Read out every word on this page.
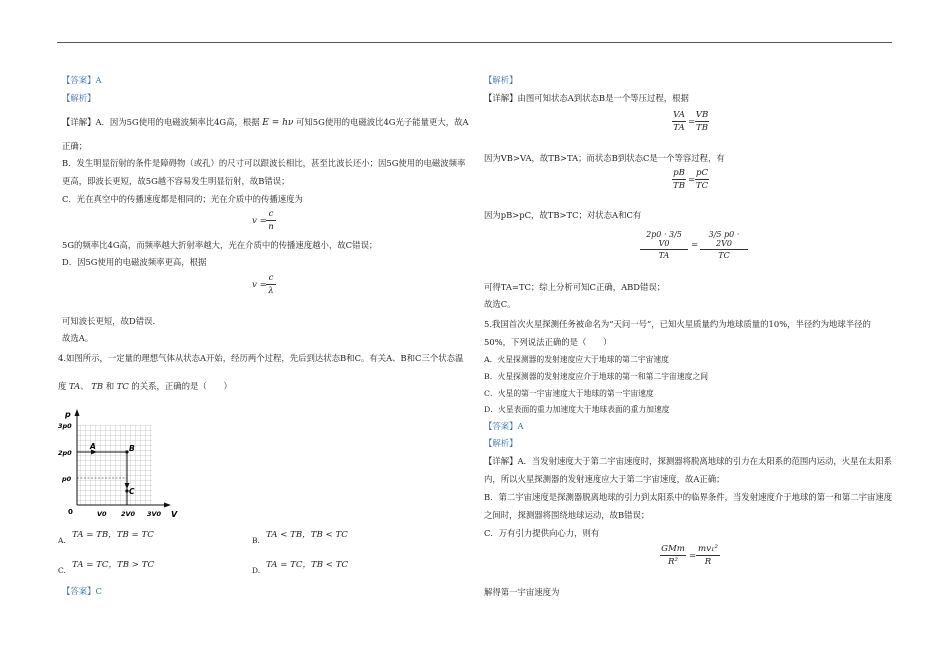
【答案】A
【解析】
【详解】A．因为5G使用的电磁波频率比4G高，根据 E = hν 可知5G使用的电磁波比4G光子能量更大，故A
正确；
B．发生明显衍射的条件是障碍物（或孔）的尺寸可以跟波长相比，甚至比波长还小；因5G使用的电磁波频率
更高，即波长更短，故5G越不容易发生明显衍射，故B错误；
C．光在真空中的传播速度都是相同的；光在介质中的传播速度为
v =
c
n
5G的频率比4G高，而频率越大折射率越大，光在介质中的传播速度越小，故C错误；
D．因5G使用的电磁波频率更高，根据
v =
c
λ
可知波长更短，故D错误．
故选A。
4.如图所示，一定量的理想气体从状态A开始，经历两个过程，先后到达状态B和C。有关A、B和C三个状态温
度 TA、 TB 和 TC 的关系，正确的是（　　）
p
V
3p0
2p0
p0
0	V0 2V0 3V0
A	B
C
A.
TA = TB，TB = TC
B.
TA < TB，TB < TC
C.
TA = TC，TB > TC
D.
TA = TC，TB < TC
【答案】C
【解析】
【详解】由图可知状态A到状态B是一个等压过程，根据
VA
TA
=
VB
TB
因为VB>VA，故TB>TA；而状态B到状态C是一个等容过程，有
pB
TB
=
pC
TC
因为pB>pC，故TB>TC；对状态A和C有
2p0 · 3/5 V0
TA
=
3/5 p0 · 2V0
TC
可得TA=TC；综上分析可知C正确，ABD错误；
故选C。
5.我国首次火星探测任务被命名为“天问一号”，已知火星质量约为地球质量的10%，半径约为地球半径的
50%，下列说法正确的是（　　）
A．火星探测器的发射速度应大于地球的第二宇宙速度
B．火星探测器的发射速度应介于地球的第一和第二宇宙速度之间
C．火星的第一宇宙速度大于地球的第一宇宙速度
D．火星表面的重力加速度大于地球表面的重力加速度
【答案】A
【解析】
【详解】A．当发射速度大于第二宇宙速度时，探测器将脱离地球的引力在太阳系的范围内运动，火星在太阳系
内，所以火星探测器的发射速度应大于第二宇宙速度，故A正确；
B．第二宇宙速度是探测器脱离地球的引力到太阳系中的临界条件，当发射速度介于地球的第一和第二宇宙速度
之间时，探测器将围绕地球运动，故B错误；
C．万有引力提供向心力，则有
GMm
R²
=
mv₁²
R
解得第一宇宙速度为
